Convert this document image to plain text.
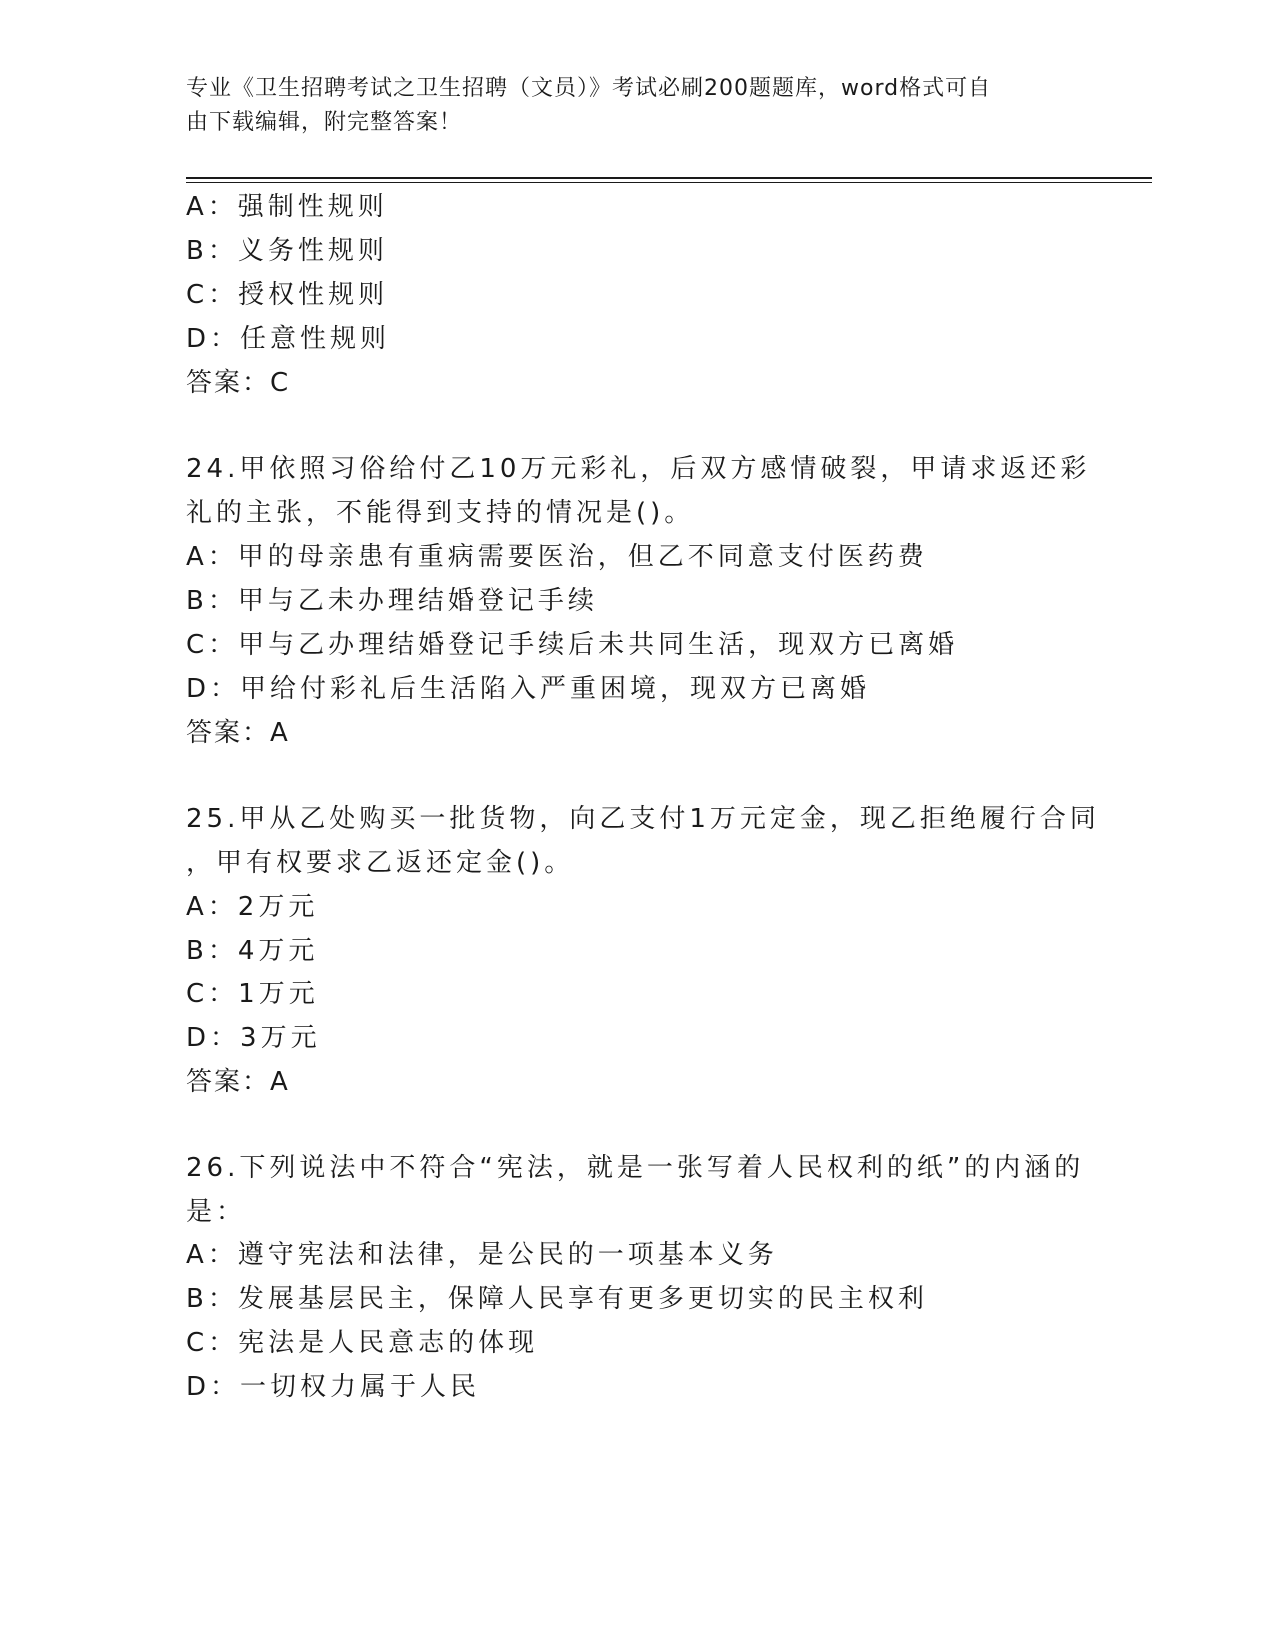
专业《卫生招聘考试之卫生招聘（文员）》考试必刷200题题库，word格式可自
由下载编辑，附完整答案！
A：强制性规则
B：义务性规则
C：授权性规则
D：任意性规则
答案：C
24.甲依照习俗给付乙10万元彩礼，后双方感情破裂，甲请求返还彩
礼的主张，不能得到支持的情况是()。
A：甲的母亲患有重病需要医治，但乙不同意支付医药费
B：甲与乙未办理结婚登记手续
C：甲与乙办理结婚登记手续后未共同生活，现双方已离婚
D：甲给付彩礼后生活陷入严重困境，现双方已离婚
答案：A
25.甲从乙处购买一批货物，向乙支付1万元定金，现乙拒绝履行合同
，甲有权要求乙返还定金()。
A：2万元
B：4万元
C：1万元
D：3万元
答案：A
26.下列说法中不符合“宪法，就是一张写着人民权利的纸”的内涵的
是：
A：遵守宪法和法律，是公民的一项基本义务
B：发展基层民主，保障人民享有更多更切实的民主权利
C：宪法是人民意志的体现
D：一切权力属于人民
